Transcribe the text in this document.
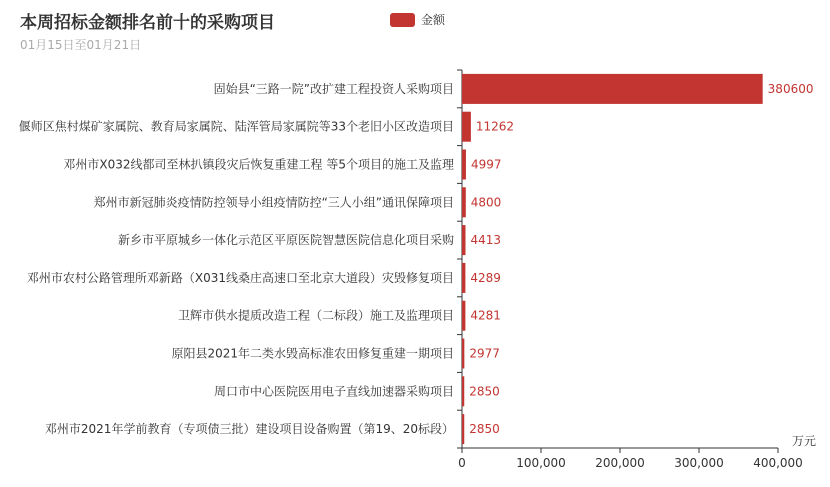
本周招标金额排名前十的采购项目
01月15日至01月21日
金额
0	100,000 200,000 300,000 400,000
万元
固始县“三路一院”改扩建工程投资人采购项目	380600
偃师区焦村煤矿家属院、教育局家属院、陆浑管局家属院等33个老旧小区改造项目 11262
邓州市X032线都司至林扒镇段灾后恢复重建工程 等5个项目的施工及监理 4997
郑州市新冠肺炎疫情防控领导小组疫情防控“三人小组”通讯保障项目 4800
新乡市平原城乡一体化示范区平原医院智慧医院信息化项目采购 4413
邓州市农村公路管理所邓新路（X031线桑庄高速口至北京大道段）灾毁修复项目 4289
卫辉市供水提质改造工程（二标段）施工及监理项目 4281
原阳县2021年二类水毁高标准农田修复重建一期项目 2977
周口市中心医院医用电子直线加速器采购项目 2850
邓州市2021年学前教育（专项债三批）建设项目设备购置（第19、20标段） 2850
